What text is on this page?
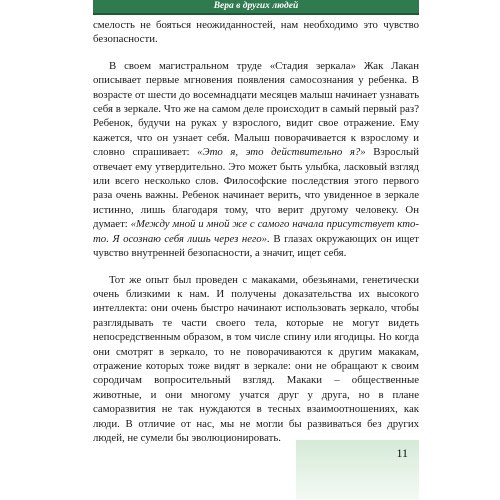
Вера в других людей

смелость не бояться неожиданностей, нам необходимо это чувство безопасности.

В своем магистральном труде «Стадия зеркала» Жак Лакан описывает первые мгновения появления самосознания у ребенка. В возрасте от шести до восемнадцати месяцев малыш начинает узнавать себя в зеркале. Что же на самом деле происходит в самый первый раз? Ребенок, будучи на руках у взрослого, видит свое отражение. Ему кажется, что он узнает себя. Малыш поворачивается к взрослому и словно спрашивает: «Это я, это действительно я?» Взрослый отвечает ему утвердительно. Это может быть улыбка, ласковый взгляд или всего несколько слов. Философские последствия этого первого раза очень важны. Ребенок начинает верить, что увиденное в зеркале истинно, лишь благодаря тому, что верит другому человеку. Он думает: «Между мной и мной же с самого начала присутствует кто-то. Я осознаю себя лишь через него». В глазах окружающих он ищет чувство внутренней безопасности, а значит, ищет себя.

Тот же опыт был проведен с макаками, обезьянами, генетически очень близкими к нам. И получены доказательства их высокого интеллекта: они очень быстро начинают использовать зеркало, чтобы разглядывать те части своего тела, которые не могут видеть непосредственным образом, в том числе спину или ягодицы. Но когда они смотрят в зеркало, то не поворачиваются к другим макакам, отражение которых тоже видят в зеркале: они не обращают к своим сородичам вопросительный взгляд. Макаки – общественные животные, и они многому учатся друг у друга, но в плане саморазвития не так нуждаются в тесных взаимоотношениях, как люди. В отличие от нас, мы не могли бы развиваться без других людей, не сумели бы эволюционировать.

11
